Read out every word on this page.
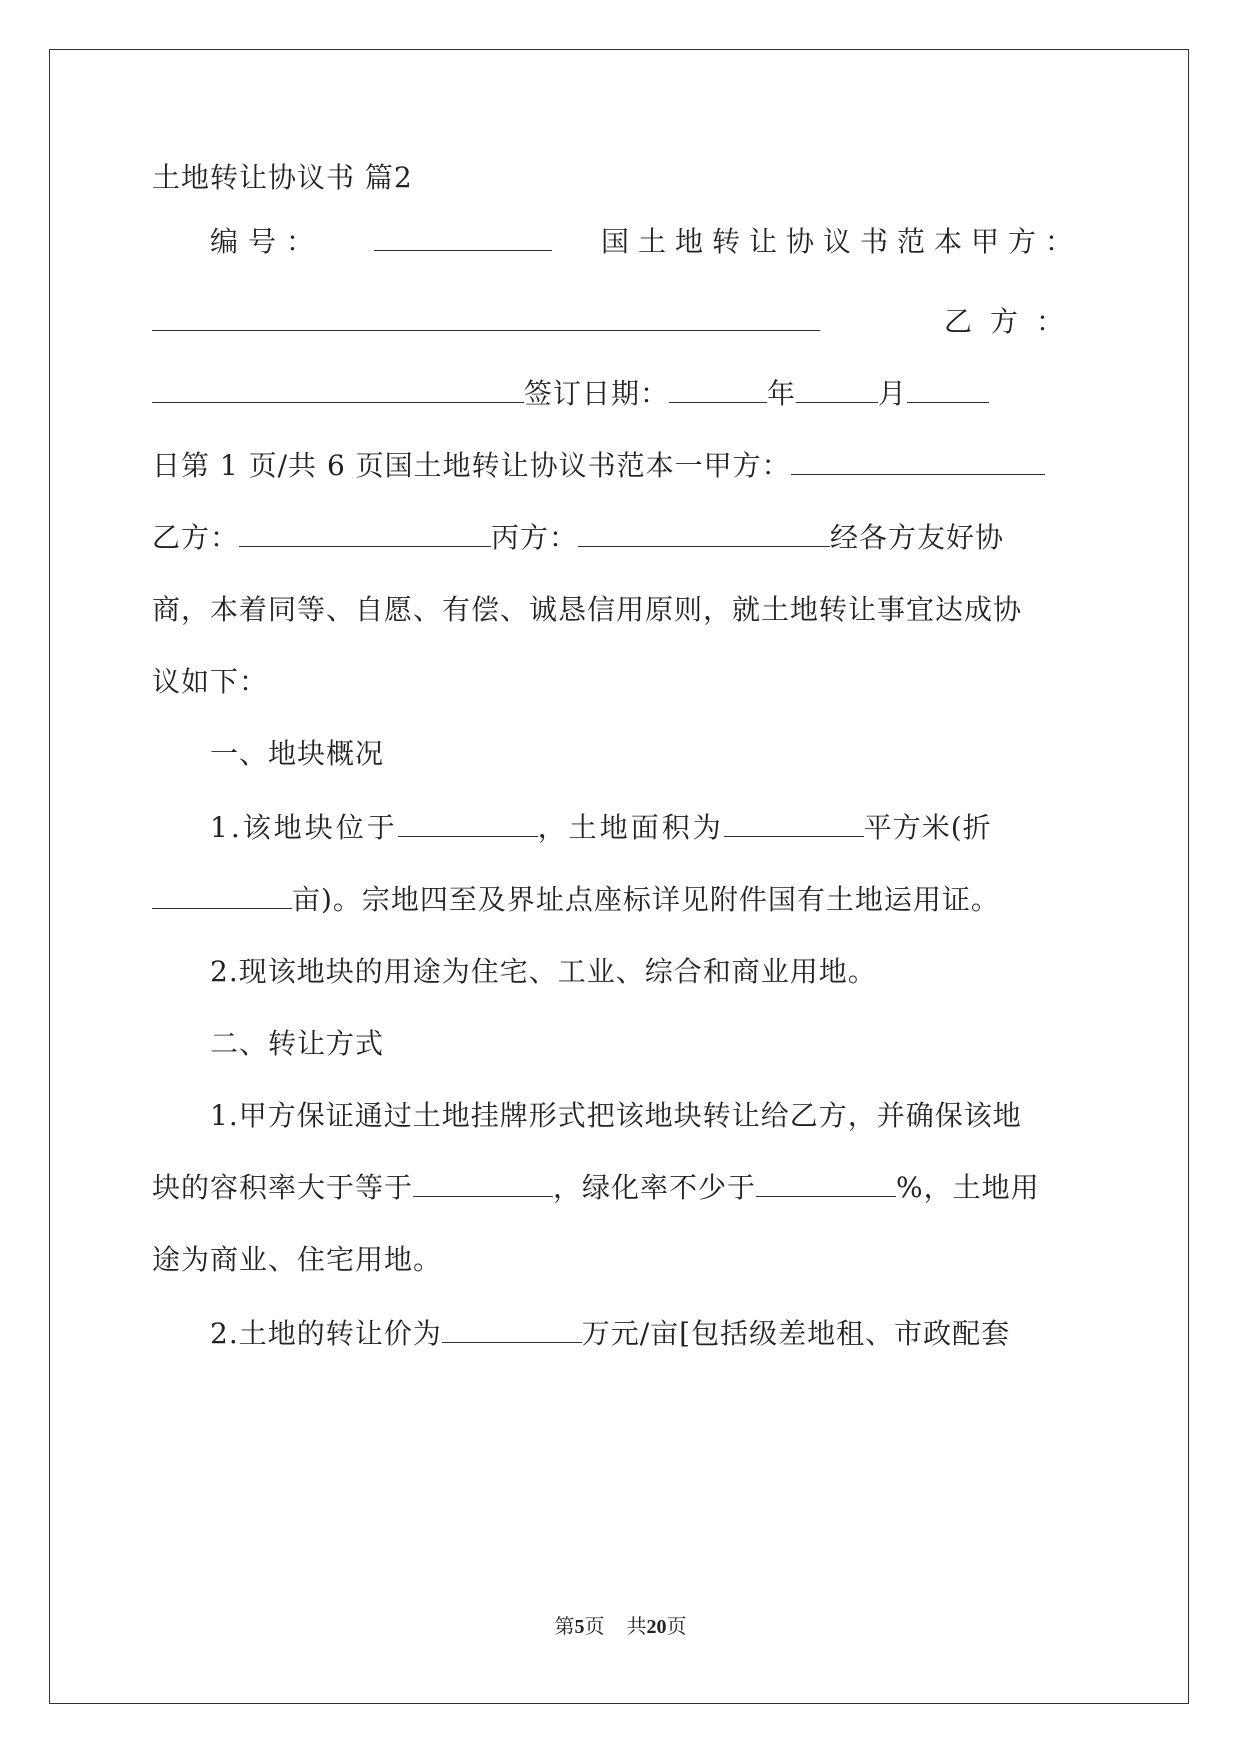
土地转让协议书 篇2
编号：	国土地转让协议书范本甲方：
乙方：
签订日期：	年	月
日第 1 页/共 6 页国土地转让协议书范本一甲方：
乙方：	丙方：	经各方友好协
商，本着同等、自愿、有偿、诚恳信用原则，就土地转让事宜达成协
议如下：
一、地块概况
1.该地块位于	，土地面积为	平方米(折
亩)。宗地四至及界址点座标详见附件国有土地运用证。
2.现该地块的用途为住宅、工业、综合和商业用地。
二、转让方式
1.甲方保证通过土地挂牌形式把该地块转让给乙方，并确保该地
块的容积率大于等于	，绿化率不少于	%，土地用
途为商业、住宅用地。
2.土地的转让价为	万元/亩[包括级差地租、市政配套
第5页 共20页
